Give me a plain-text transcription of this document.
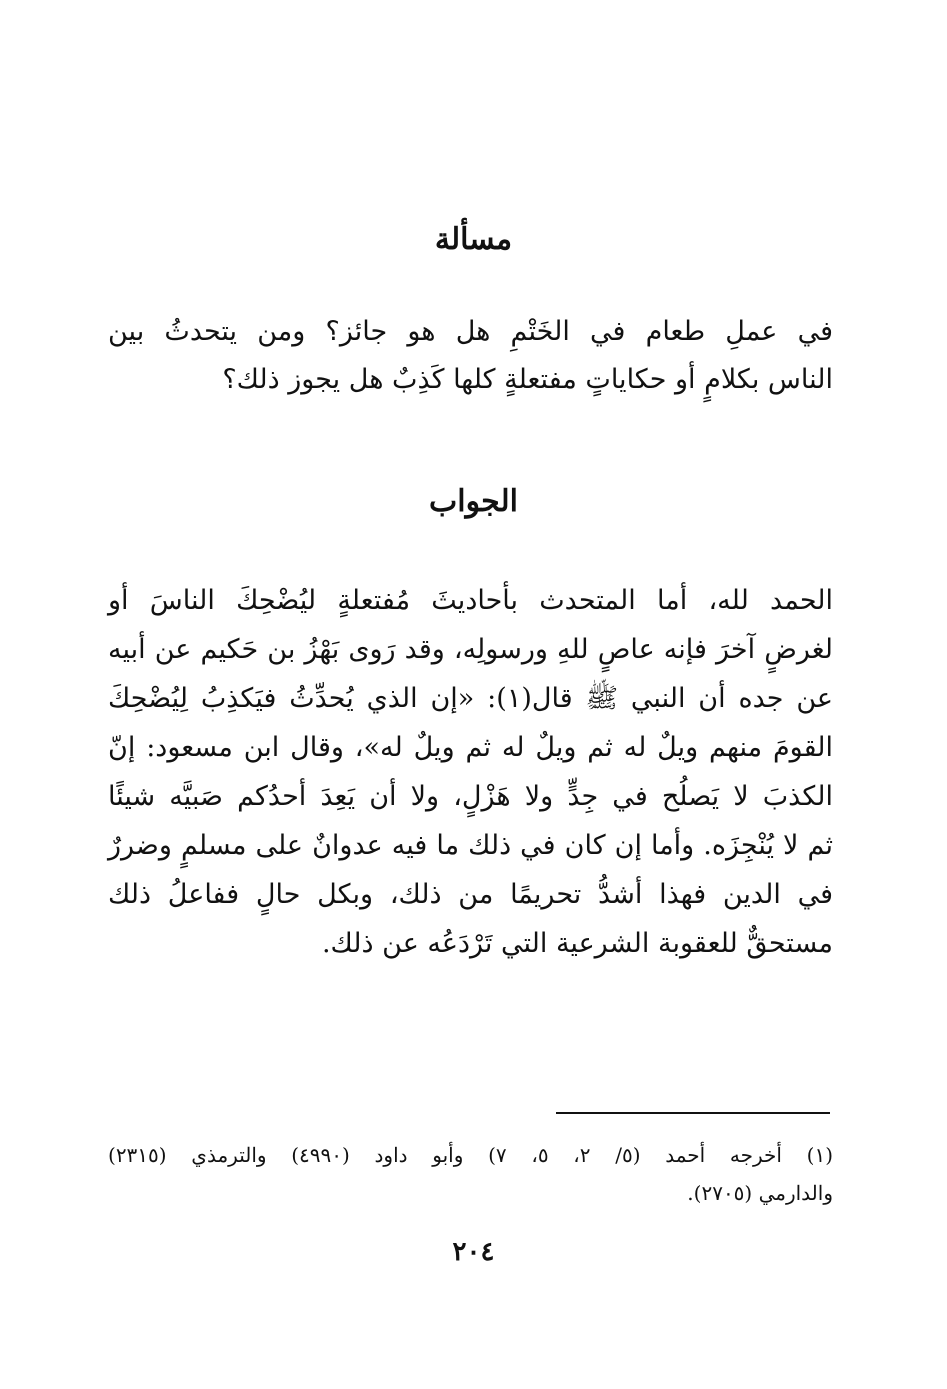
مسألة
في عملِ طعام في الخَتْمِ هل هو جائز؟ ومن يتحدثُ بين
الناس بكلامٍ أو حكاياتٍ مفتعلةٍ كلها كَذِبٌ هل يجوز ذلك؟
الجواب
الحمد لله، أما المتحدث بأحاديثَ مُفتعلةٍ ليُضْحِكَ الناسَ أو
لغرضٍ آخرَ فإنه عاصٍ للهِ ورسولِه، وقد رَوى بَهْزُ بن حَكيم عن أبيه
عن جده أن النبي ﷺ قال(١): «إن الذي يُحدِّثُ فيَكذِبُ لِيُضْحِكَ
القومَ منهم ويلٌ له ثم ويلٌ له ثم ويلٌ له»، وقال ابن مسعود: إنّ
الكذبَ لا يَصلُح في جِدٍّ ولا هَزْلٍ، ولا أن يَعِدَ أحدُكم صَبيَّه شيئًا
ثم لا يُنْجِزَه. وأما إن كان في ذلك ما فيه عدوانٌ على مسلمٍ وضررٌ
في الدين فهذا أشدُّ تحريمًا من ذلك، وبكل حالٍ ففاعلُ ذلك
مستحقٌّ للعقوبة الشرعية التي تَرْدَعُه عن ذلك.
(١) أخرجه أحمد (٥/ ٢، ٥، ٧) وأبو داود (٤٩٩٠) والترمذي (٢٣١٥)
والدارمي (٢٧٠٥).
٢٠٤
